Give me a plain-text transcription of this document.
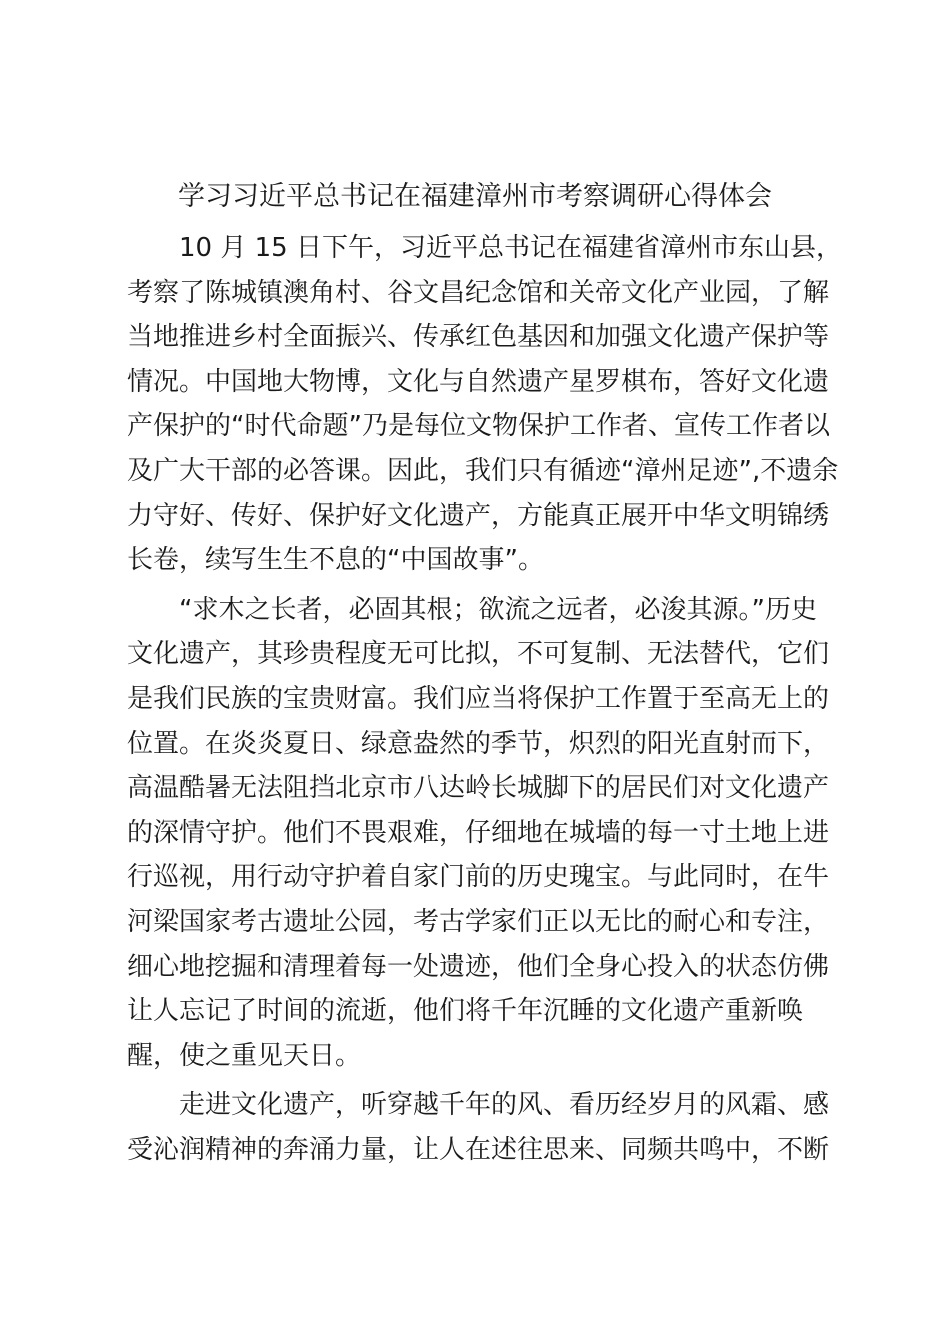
学习习近平总书记在福建漳州市考察调研心得体会

10 月 15 日下午，习近平总书记在福建省漳州市东山县，
考察了陈城镇澳角村、谷文昌纪念馆和关帝文化产业园，了解
当地推进乡村全面振兴、传承红色基因和加强文化遗产保护等
情况。中国地大物博，文化与自然遗产星罗棋布，答好文化遗
产保护的“时代命题”乃是每位文物保护工作者、宣传工作者以
及广大干部的必答课。因此，我们只有循迹“漳州足迹”,不遗余
力守好、传好、保护好文化遗产，方能真正展开中华文明锦绣
长卷，续写生生不息的“中国故事”。

“求木之长者，必固其根；欲流之远者，必浚其源。”历史
文化遗产，其珍贵程度无可比拟，不可复制、无法替代，它们
是我们民族的宝贵财富。我们应当将保护工作置于至高无上的
位置。在炎炎夏日、绿意盎然的季节，炽烈的阳光直射而下，
高温酷暑无法阻挡北京市八达岭长城脚下的居民们对文化遗产
的深情守护。他们不畏艰难，仔细地在城墙的每一寸土地上进
行巡视，用行动守护着自家门前的历史瑰宝。与此同时，在牛
河梁国家考古遗址公园，考古学家们正以无比的耐心和专注，
细心地挖掘和清理着每一处遗迹，他们全身心投入的状态仿佛
让人忘记了时间的流逝，他们将千年沉睡的文化遗产重新唤
醒，使之重见天日。

走进文化遗产，听穿越千年的风、看历经岁月的风霜、感
受沁润精神的奔涌力量，让人在述往思来、同频共鸣中，不断
